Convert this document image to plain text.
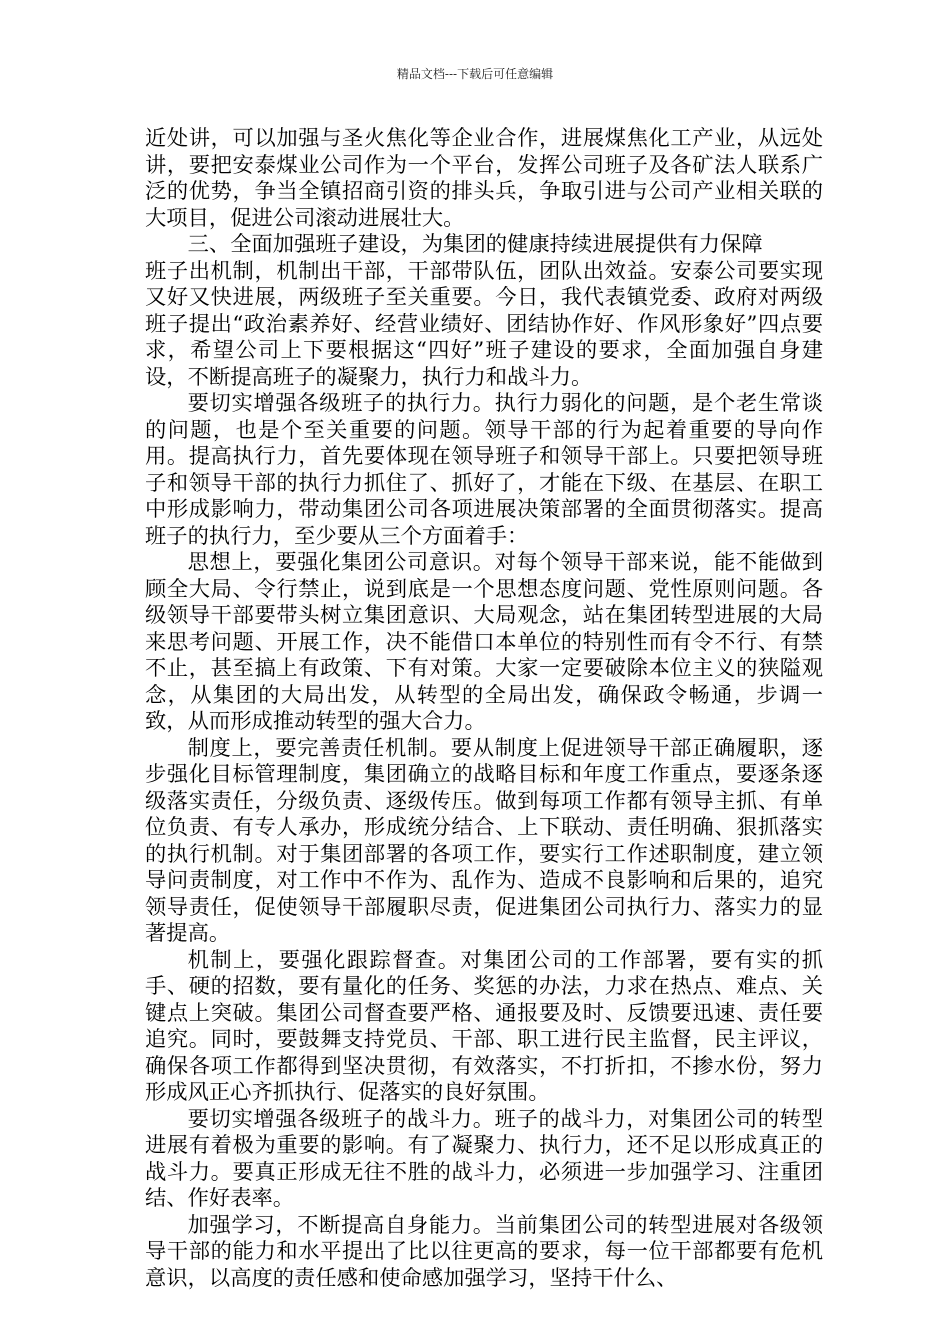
精品文档---下载后可任意编辑

近处讲，可以加强与圣火焦化等企业合作，进展煤焦化工产业，从远处讲，要把安泰煤业公司作为一个平台，发挥公司班子及各矿法人联系广泛的优势，争当全镇招商引资的排头兵，争取引进与公司产业相关联的大项目，促进公司滚动进展壮大。

三、全面加强班子建设，为集团的健康持续进展提供有力保障

班子出机制，机制出干部，干部带队伍，团队出效益。安泰公司要实现又好又快进展，两级班子至关重要。今日，我代表镇党委、政府对两级班子提出“政治素养好、经营业绩好、团结协作好、作风形象好”四点要求，希望公司上下要根据这“四好”班子建设的要求，全面加强自身建设，不断提高班子的凝聚力，执行力和战斗力。

要切实增强各级班子的执行力。执行力弱化的问题，是个老生常谈的问题，也是个至关重要的问题。领导干部的行为起着重要的导向作用。提高执行力，首先要体现在领导班子和领导干部上。只要把领导班子和领导干部的执行力抓住了、抓好了，才能在下级、在基层、在职工中形成影响力，带动集团公司各项进展决策部署的全面贯彻落实。提高班子的执行力，至少要从三个方面着手：

思想上，要强化集团公司意识。对每个领导干部来说，能不能做到顾全大局、令行禁止，说到底是一个思想态度问题、党性原则问题。各级领导干部要带头树立集团意识、大局观念，站在集团转型进展的大局来思考问题、开展工作，决不能借口本单位的特别性而有令不行、有禁不止，甚至搞上有政策、下有对策。大家一定要破除本位主义的狭隘观念，从集团的大局出发，从转型的全局出发，确保政令畅通，步调一致，从而形成推动转型的强大合力。

制度上，要完善责任机制。要从制度上促进领导干部正确履职，逐步强化目标管理制度，集团确立的战略目标和年度工作重点，要逐条逐级落实责任，分级负责、逐级传压。做到每项工作都有领导主抓、有单位负责、有专人承办，形成统分结合、上下联动、责任明确、狠抓落实的执行机制。对于集团部署的各项工作，要实行工作述职制度，建立领导问责制度，对工作中不作为、乱作为、造成不良影响和后果的，追究领导责任，促使领导干部履职尽责，促进集团公司执行力、落实力的显著提高。

机制上，要强化跟踪督查。对集团公司的工作部署，要有实的抓手、硬的招数，要有量化的任务、奖惩的办法，力求在热点、难点、关键点上突破。集团公司督查要严格、通报要及时、反馈要迅速、责任要追究。同时，要鼓舞支持党员、干部、职工进行民主监督，民主评议，确保各项工作都得到坚决贯彻，有效落实，不打折扣，不掺水份，努力形成风正心齐抓执行、促落实的良好氛围。

要切实增强各级班子的战斗力。班子的战斗力，对集团公司的转型进展有着极为重要的影响。有了凝聚力、执行力，还不足以形成真正的战斗力。要真正形成无往不胜的战斗力，必须进一步加强学习、注重团结、作好表率。

加强学习，不断提高自身能力。当前集团公司的转型进展对各级领导干部的能力和水平提出了比以往更高的要求，每一位干部都要有危机意识，以高度的责任感和使命感加强学习，坚持干什么、
